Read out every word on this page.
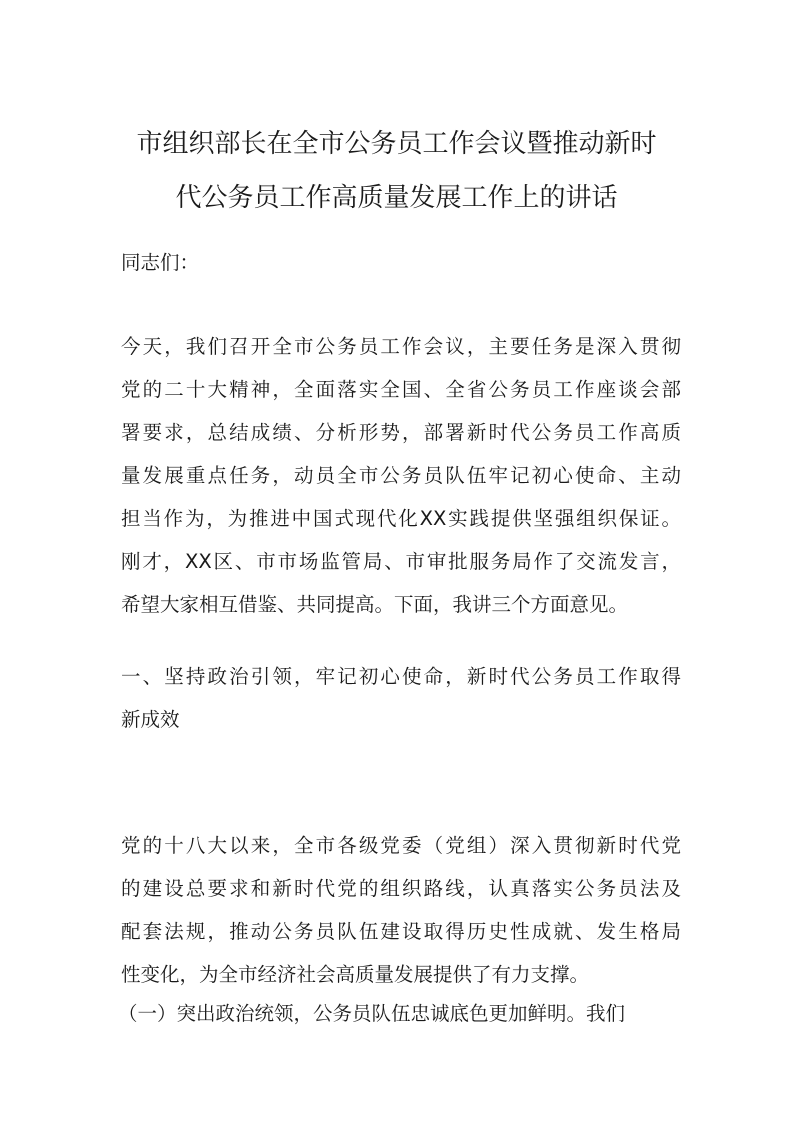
市组织部长在全市公务员工作会议暨推动新时
代公务员工作高质量发展工作上的讲话

同志们：

今天，我们召开全市公务员工作会议，主要任务是深入贯彻
党的二十大精神，全面落实全国、全省公务员工作座谈会部
署要求，总结成绩、分析形势，部署新时代公务员工作高质
量发展重点任务，动员全市公务员队伍牢记初心使命、主动
担当作为，为推进中国式现代化XX实践提供坚强组织保证。
刚才，XX区、市市场监管局、市审批服务局作了交流发言，
希望大家相互借鉴、共同提高。下面，我讲三个方面意见。

一、坚持政治引领，牢记初心使命，新时代公务员工作取得
新成效

党的十八大以来，全市各级党委（党组）深入贯彻新时代党
的建设总要求和新时代党的组织路线，认真落实公务员法及
配套法规，推动公务员队伍建设取得历史性成就、发生格局
性变化，为全市经济社会高质量发展提供了有力支撑。

（一）突出政治统领，公务员队伍忠诚底色更加鲜明。我们
